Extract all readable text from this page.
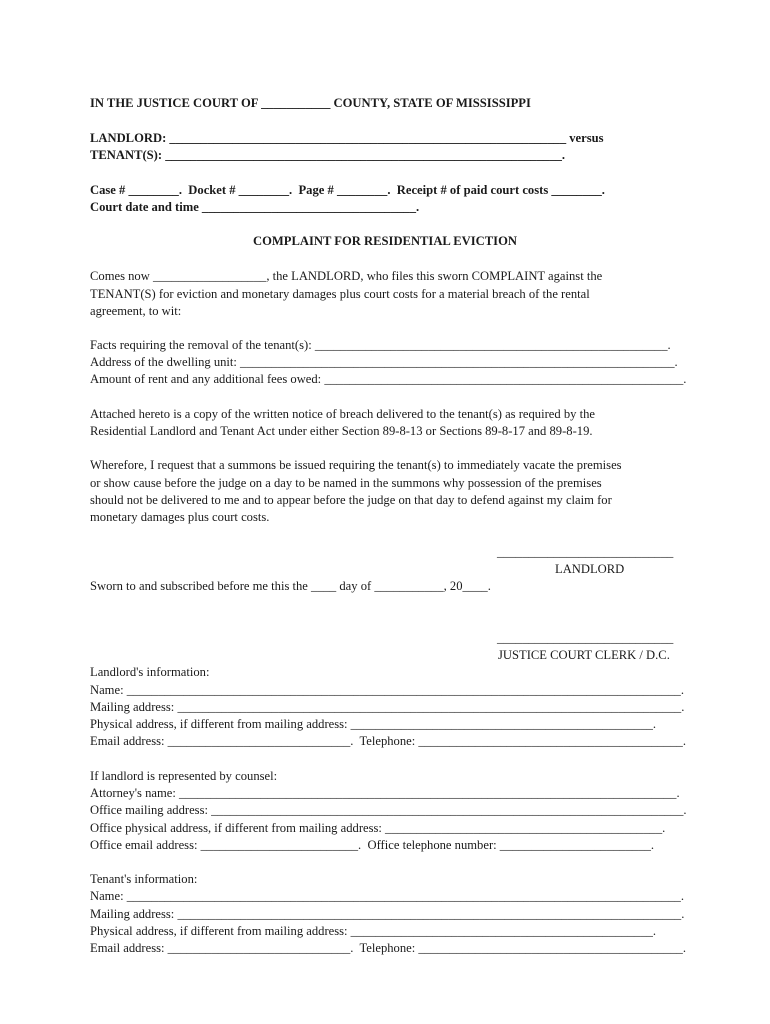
IN THE JUSTICE COURT OF ___________ COUNTY, STATE OF MISSISSIPPI
LANDLORD: _______________________________________________________________ versus
TENANT(S): _______________________________________________________________.
Case # ________.  Docket # ________.  Page # ________.  Receipt # of paid court costs ________.
Court date and time __________________________________.
COMPLAINT FOR RESIDENTIAL EVICTION
Comes now __________________, the LANDLORD, who files this sworn COMPLAINT against the
TENANT(S) for eviction and monetary damages plus court costs for a material breach of the rental
agreement, to wit:
Facts requiring the removal of the tenant(s): ________________________________________________________.
Address of the dwelling unit: _____________________________________________________________________.
Amount of rent and any additional fees owed: _________________________________________________________.
Attached hereto is a copy of the written notice of breach delivered to the tenant(s) as required by the
Residential Landlord and Tenant Act under either Section 89-8-13 or Sections 89-8-17 and 89-8-19.
Wherefore, I request that a summons be issued requiring the tenant(s) to immediately vacate the premises
or show cause before the judge on a day to be named in the summons why possession of the premises
should not be delivered to me and to appear before the judge on that day to defend against my claim for
monetary damages plus court costs.
____________________________
LANDLORD
Sworn to and subscribed before me this the ____ day of ___________, 20____.
____________________________
JUSTICE COURT CLERK / D.C.
Landlord's information:
Name: ________________________________________________________________________________________.
Mailing address: ________________________________________________________________________________.
Physical address, if different from mailing address: ________________________________________________.
Email address: _____________________________.  Telephone: __________________________________________.
If landlord is represented by counsel:
Attorney's name: _______________________________________________________________________________.
Office mailing address: ___________________________________________________________________________.
Office physical address, if different from mailing address: ____________________________________________.
Office email address: _________________________.  Office telephone number: ________________________.
Tenant's information:
Name: ________________________________________________________________________________________.
Mailing address: ________________________________________________________________________________.
Physical address, if different from mailing address: ________________________________________________.
Email address: _____________________________.  Telephone: __________________________________________.
